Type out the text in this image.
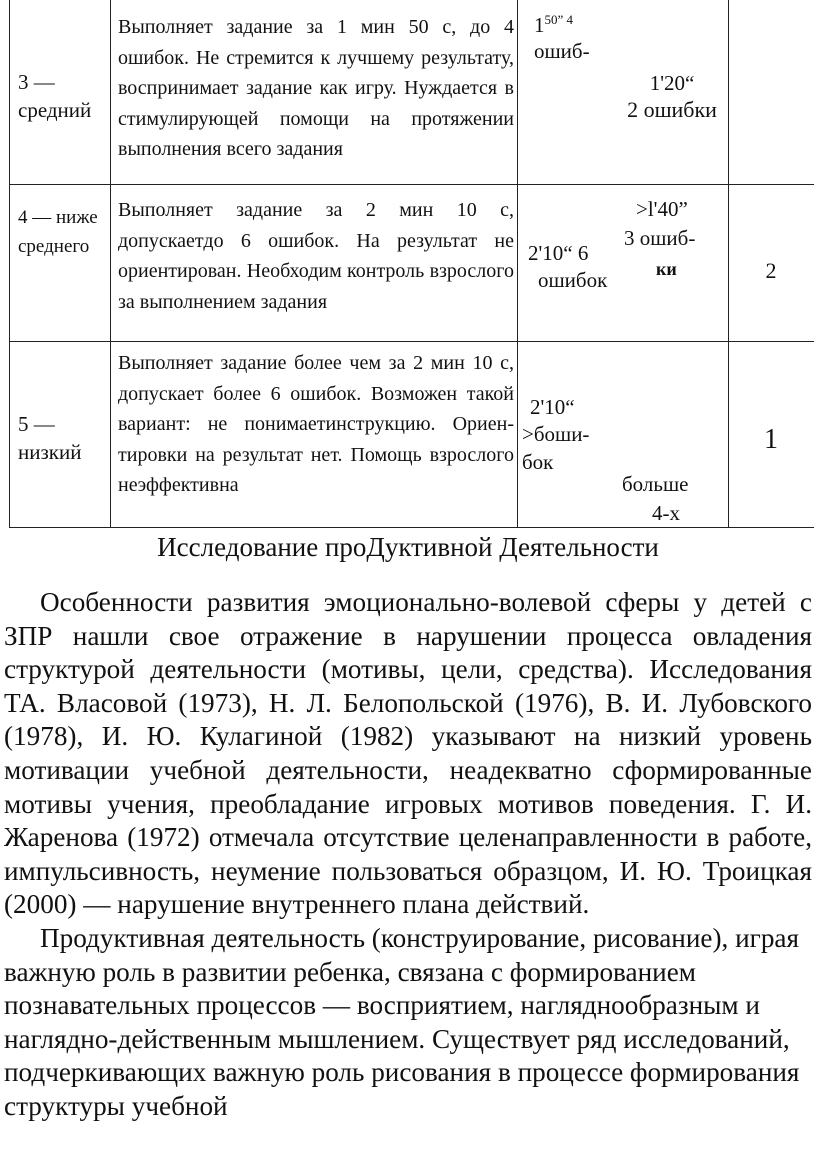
3 — средний
Выполняет задание за 1 мин 50 с, до 4 ошибок. Не стремится к лучшему результату, воспринимает задание как игру. Нуждается в стимулирующей помощи на протяжении выполнения всего задания
$1^{50” 4}$
ошиб-
1'20“
2 ошибки
4 — ниже среднего
Выполняет задание за 2 мин 10 с, допускаетдо 6 ошибок. На результат не ориентирован. Необходим контроль взрослого за выполнением задания
2'10“ 6
ошибок
>l'40”
3 ошиб-
ки	2
5 — низкий
Выполняет задание более чем за 2 мин 10 с, допускает более 6 ошибок. Возможен такой вариант: не понимаетинструкцию. Ориен- тировки на результат нет. Помощь взрослого неэффективна
2'10“
>боши-
бок
больше
4-х
1
Исследование проДуктивной Деятельности

Особенности развития эмоционально-волевой сферы у детей с ЗПР нашли свое отражение в нарушении процесса овладения структурой деятельности (мотивы, цели, средства). Исследования ТА. Власовой (1973), Н. Л. Белопольской (1976), В. И. Лубовского (1978), И. Ю. Кулагиной (1982) указывают на низкий уровень мотивации учебной деятельности, неадекватно сформированные мотивы учения, преобладание игровых мотивов поведения. Г. И. Жаренова (1972) отмечала отсутствие целенаправленности в работе, импульсивность, неумение пользоваться образцом, И. Ю. Троицкая (2000) — нарушение внутреннего плана действий.

Продуктивная деятельность (конструирование, рисование), играя важную роль в развитии ребенка, связана с формированием познавательных процессов — восприятием, нагляднообразным и наглядно-действенным мышлением. Существует ряд исследований, подчеркивающих важную роль рисования в процессе формирования структуры учебной
